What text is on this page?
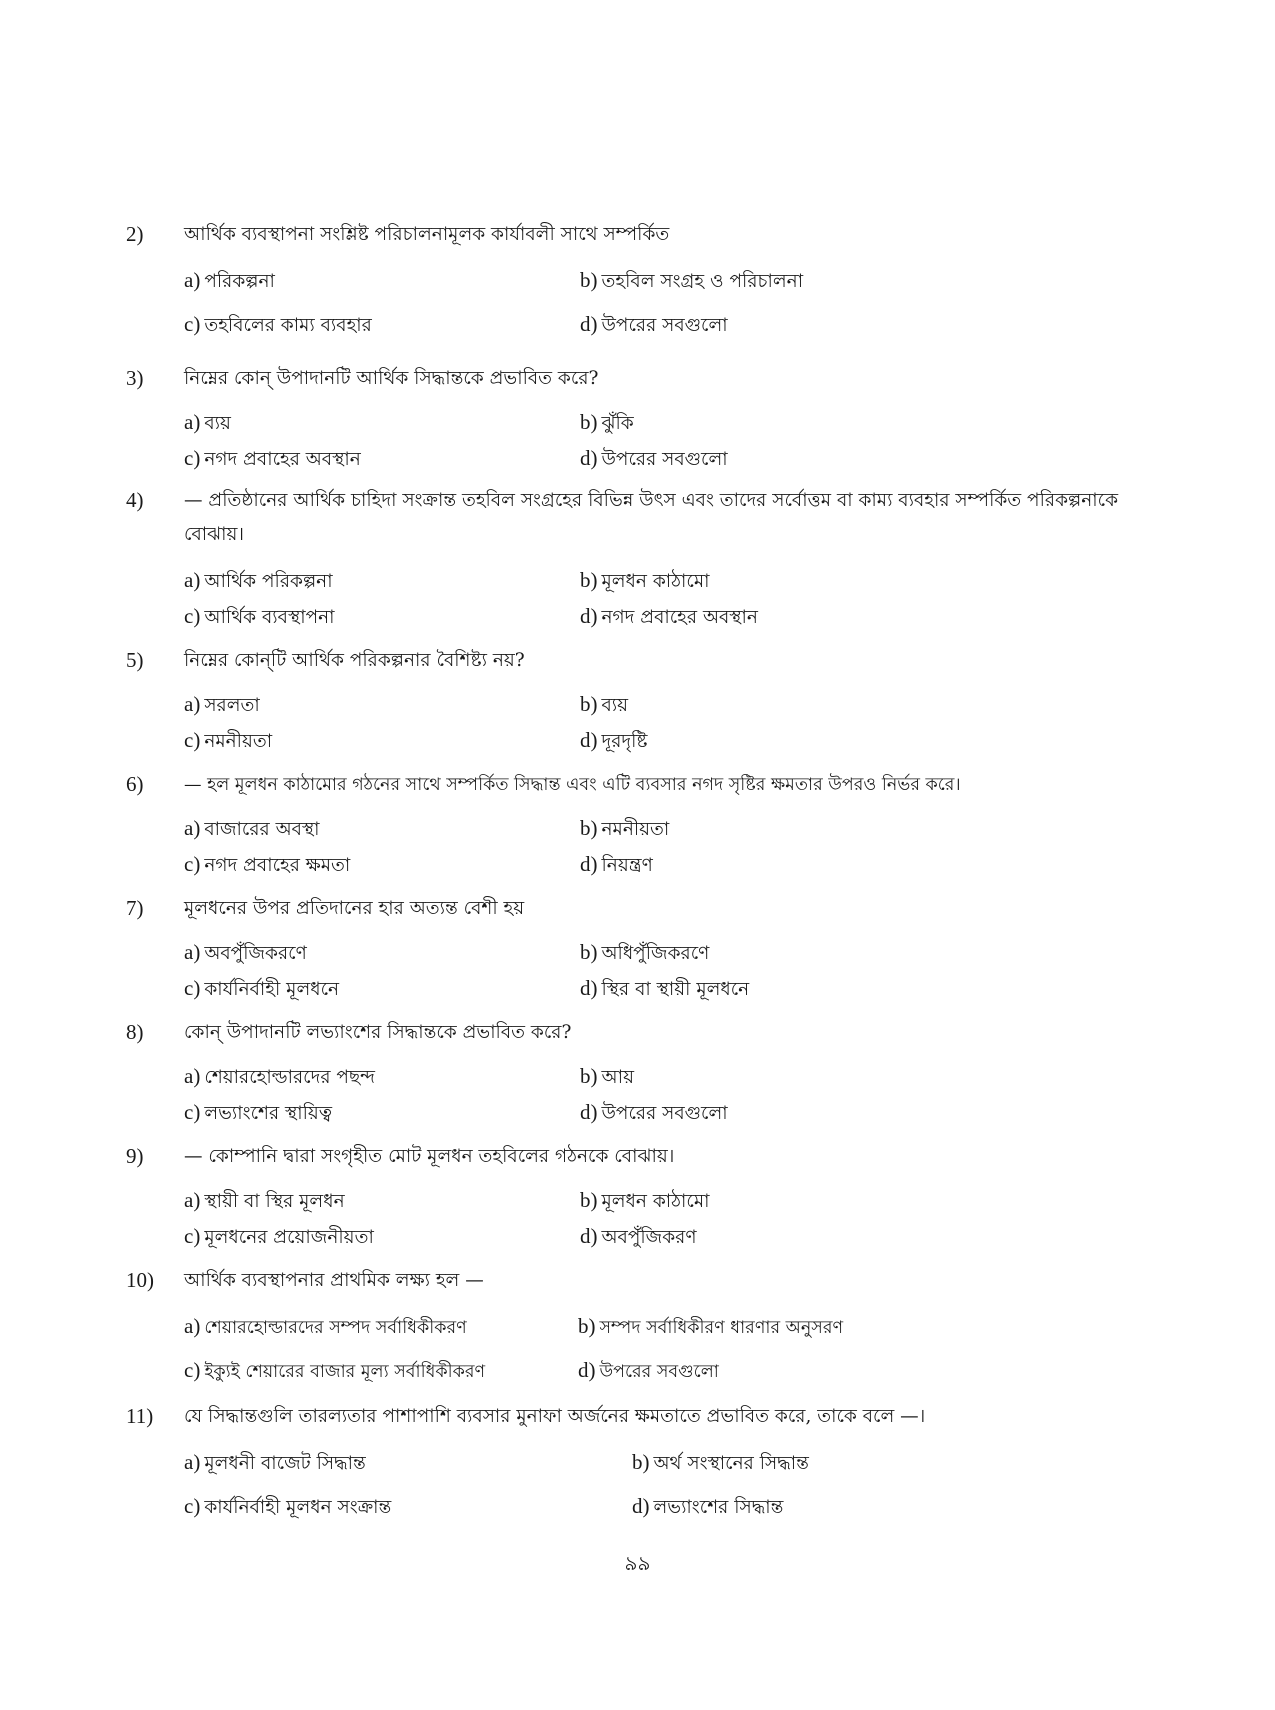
2)	আর্থিক ব্যবস্থাপনা সংশ্লিষ্ট পরিচালনামূলক কার্যাবলী সাথে সম্পর্কিত
a) পরিকল্পনা	b) তহবিল সংগ্রহ ও পরিচালনা
c) তহবিলের কাম্য ব্যবহার	d) উপরের সবগুলো
3)	নিম্নের কোন্ উপাদানটি আর্থিক সিদ্ধান্তকে প্রভাবিত করে?
a) ব্যয়	b) ঝুঁকি
c) নগদ প্রবাহের অবস্থান	d) উপরের সবগুলো
4)	— প্রতিষ্ঠানের আর্থিক চাহিদা সংক্রান্ত তহবিল সংগ্রহের বিভিন্ন উৎস এবং তাদের সর্বোত্তম বা কাম্য ব্যবহার সম্পর্কিত পরিকল্পনাকে বোঝায়।
a) আর্থিক পরিকল্পনা	b) মূলধন কাঠামো
c) আর্থিক ব্যবস্থাপনা	d) নগদ প্রবাহের অবস্থান
5)	নিম্নের কোন্‌টি আর্থিক পরিকল্পনার বৈশিষ্ট্য নয়?
a) সরলতা	b) ব্যয়
c) নমনীয়তা	d) দূরদৃষ্টি
6)	— হল মূলধন কাঠামোর গঠনের সাথে সম্পর্কিত সিদ্ধান্ত এবং এটি ব্যবসার নগদ সৃষ্টির ক্ষমতার উপরও নির্ভর করে।
a) বাজারের অবস্থা	b) নমনীয়তা
c) নগদ প্রবাহের ক্ষমতা	d) নিয়ন্ত্রণ
7)	মূলধনের উপর প্রতিদানের হার অত্যন্ত বেশী হয়
a) অবপুঁজিকরণে	b) অধিপুঁজিকরণে
c) কার্যনির্বাহী মূলধনে	d) স্থির বা স্থায়ী মূলধনে
8)	কোন্ উপাদানটি লভ্যাংশের সিদ্ধান্তকে প্রভাবিত করে?
a) শেয়ারহোল্ডারদের পছন্দ	b) আয়
c) লভ্যাংশের স্থায়িত্ব	d) উপরের সবগুলো
9)	— কোম্পানি দ্বারা সংগৃহীত মোট মূলধন তহবিলের গঠনকে বোঝায়।
a) স্থায়ী বা স্থির মূলধন	b) মূলধন কাঠামো
c) মূলধনের প্রয়োজনীয়তা	d) অবপুঁজিকরণ
10)	আর্থিক ব্যবস্থাপনার প্রাথমিক লক্ষ্য হল —
a) শেয়ারহোল্ডারদের সম্পদ সর্বাধিকীকরণ	b) সম্পদ সর্বাধিকীরণ ধারণার অনুসরণ
c) ইক্যুই শেয়ারের বাজার মূল্য সর্বাধিকীকরণ	d) উপরের সবগুলো
11)	যে সিদ্ধান্তগুলি তারল্যতার পাশাপাশি ব্যবসার মুনাফা অর্জনের ক্ষমতাতে প্রভাবিত করে, তাকে বলে —।
a) মূলধনী বাজেট সিদ্ধান্ত	b) অর্থ সংস্থানের সিদ্ধান্ত
c) কার্যনির্বাহী মূলধন সংক্রান্ত	d) লভ্যাংশের সিদ্ধান্ত
৯৯
